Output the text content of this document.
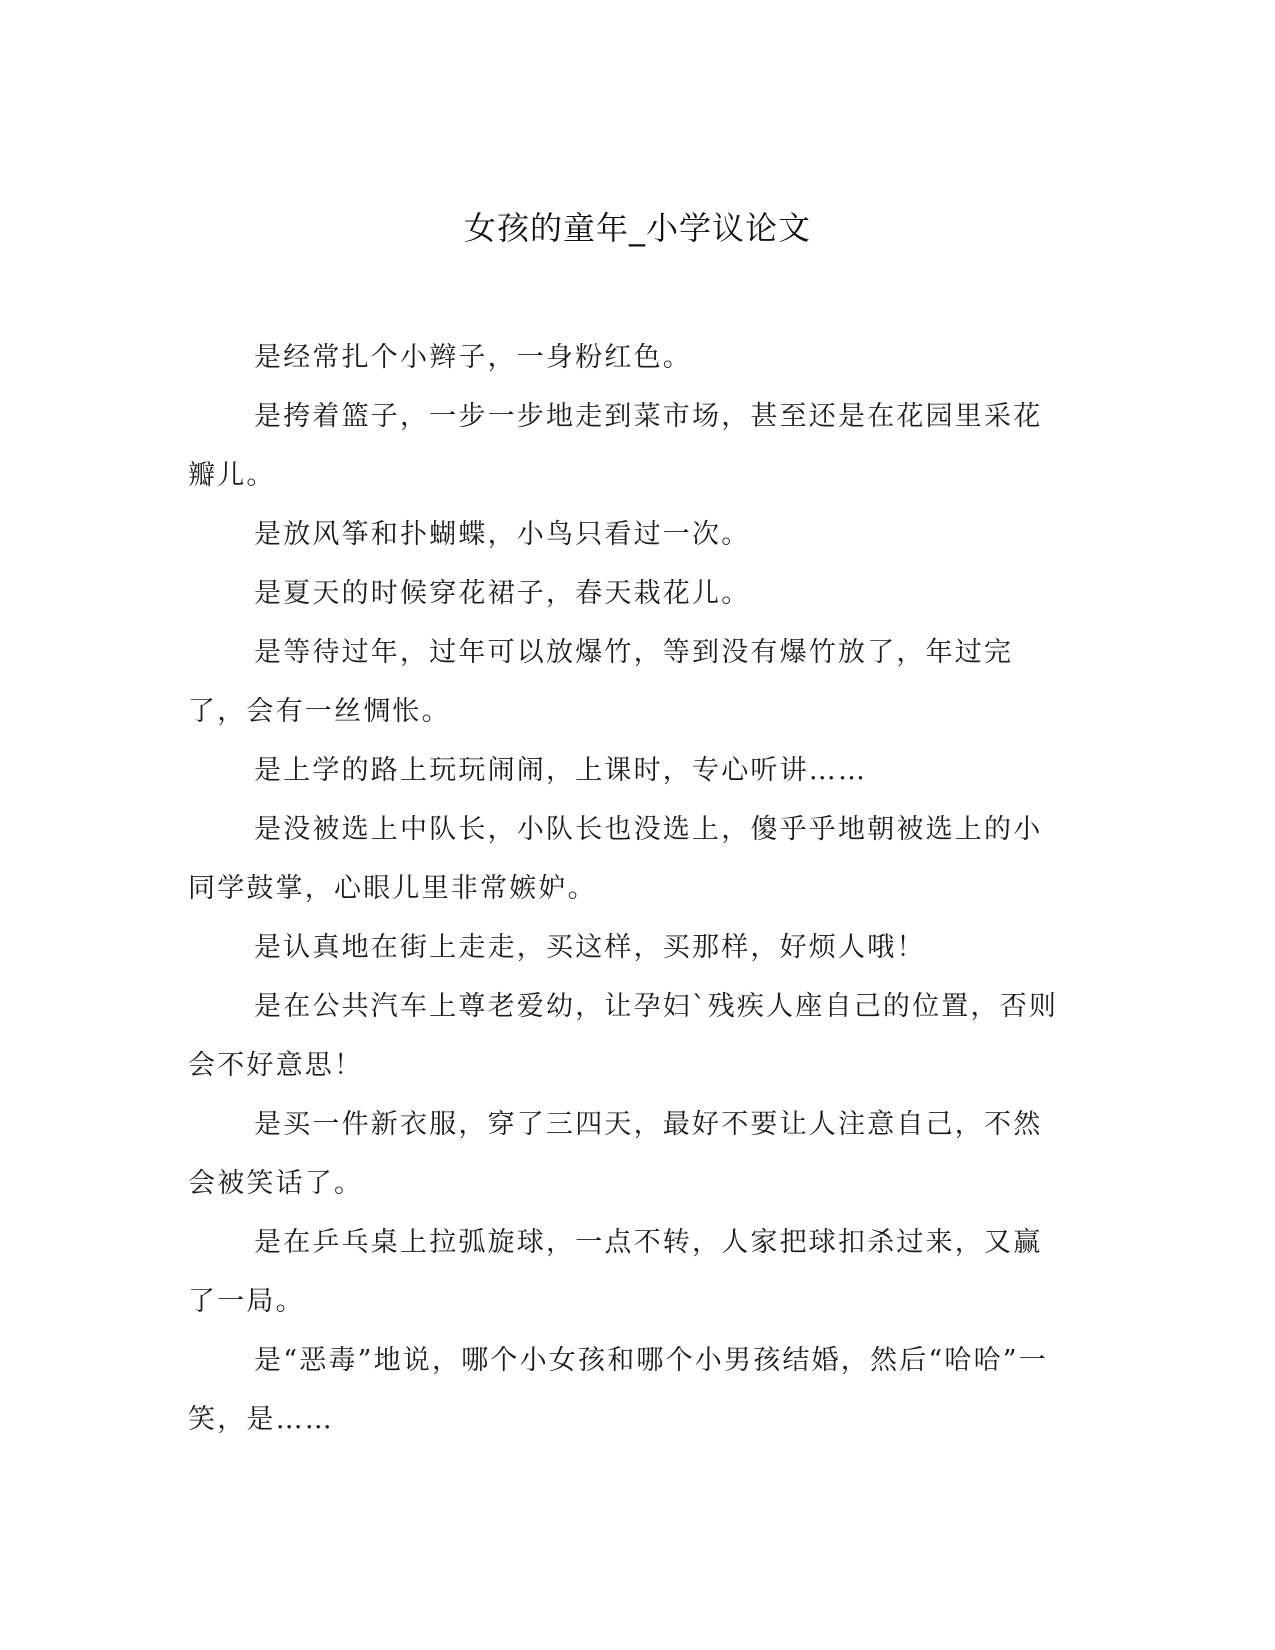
女孩的童年_小学议论文

是经常扎个小辫子，一身粉红色。

是挎着篮子，一步一步地走到菜市场，甚至还是在花园里采花瓣儿。

是放风筝和扑蝴蝶，小鸟只看过一次。

是夏天的时候穿花裙子，春天栽花儿。

是等待过年，过年可以放爆竹，等到没有爆竹放了，年过完了，会有一丝惆怅。

是上学的路上玩玩闹闹，上课时，专心听讲……

是没被选上中队长，小队长也没选上，傻乎乎地朝被选上的小同学鼓掌，心眼儿里非常嫉妒。

是认真地在街上走走，买这样，买那样，好烦人哦！

是在公共汽车上尊老爱幼，让孕妇`残疾人座自己的位置，否则会不好意思！

是买一件新衣服，穿了三四天，最好不要让人注意自己，不然会被笑话了。

是在乒乓桌上拉弧旋球，一点不转，人家把球扣杀过来，又赢了一局。

是“恶毒”地说，哪个小女孩和哪个小男孩结婚，然后“哈哈”一笑，是……
